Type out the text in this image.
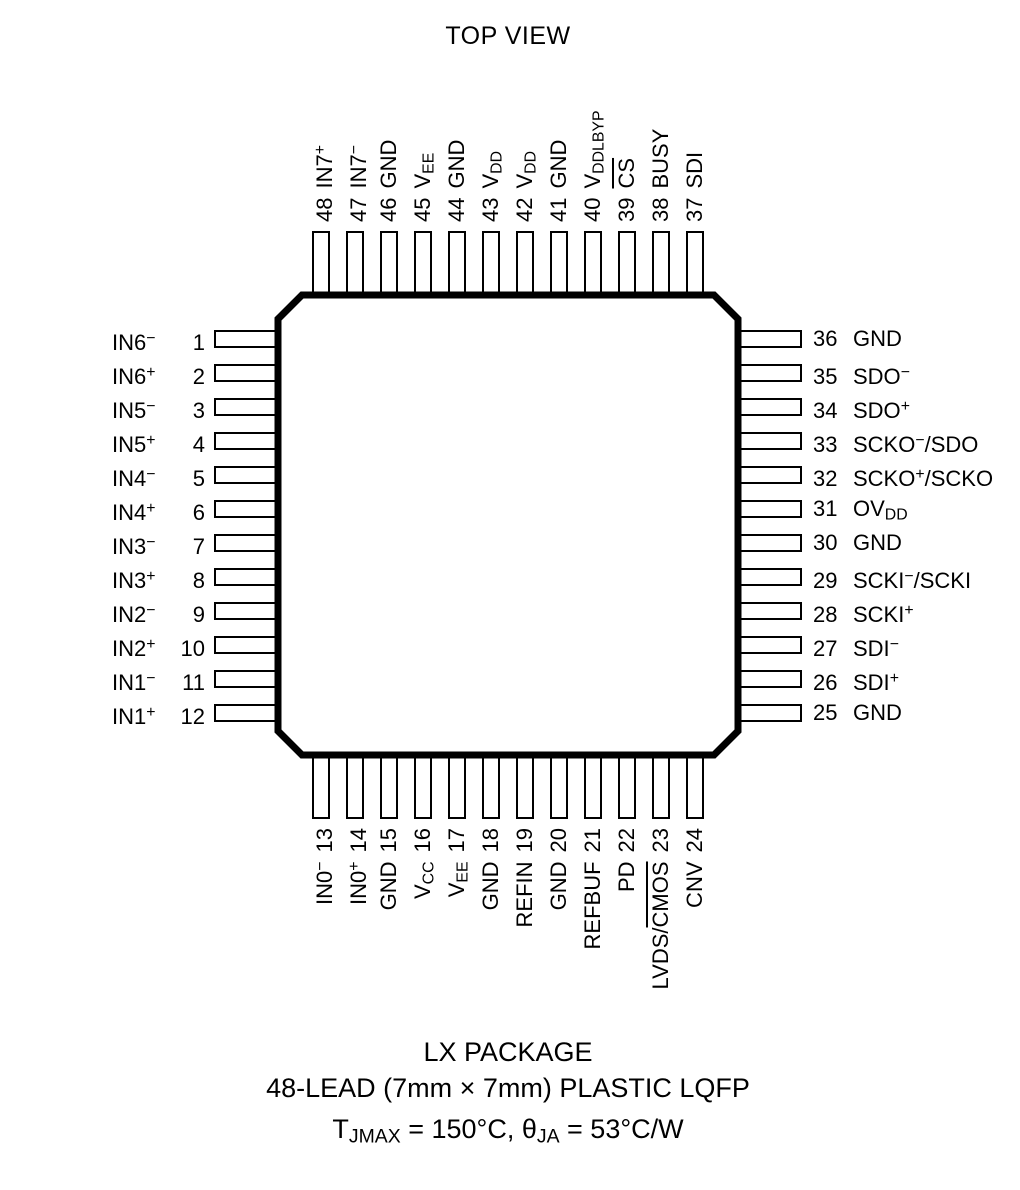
TOP VIEW
48IN7+
47IN7−
46GND
45VEE
44GND
43VDD
42VDD
41GND
40VDDLBYP
$39\overline{CS}$
38BUSY
37SDI
IN0−13
IN0+14
GND15
VCC16
VEE17
GND18
REFIN19
GND20
REFBUF21
PD22
LVDS/CMOS23
CNV24
IN6− 1
IN6+ 2
IN5− 3
IN5+ 4
IN4− 5
IN4+ 6
IN3− 7
IN3+ 8
IN2− 9
IN2+ 10
IN1− 11
IN1+ 12
36 GND
35 SDO−
34 SDO+
33 SCKO−/SDO
32 SCKO+/SCKO
31 OVDD
30 GND
29 SCKI−/SCKI
28 SCKI+
27 SDI−
26 SDI+
25 GND
LX PACKAGE
48-LEAD (7mm × 7mm) PLASTIC LQFP
TJMAX = 150°C, θJA = 53°C/W
